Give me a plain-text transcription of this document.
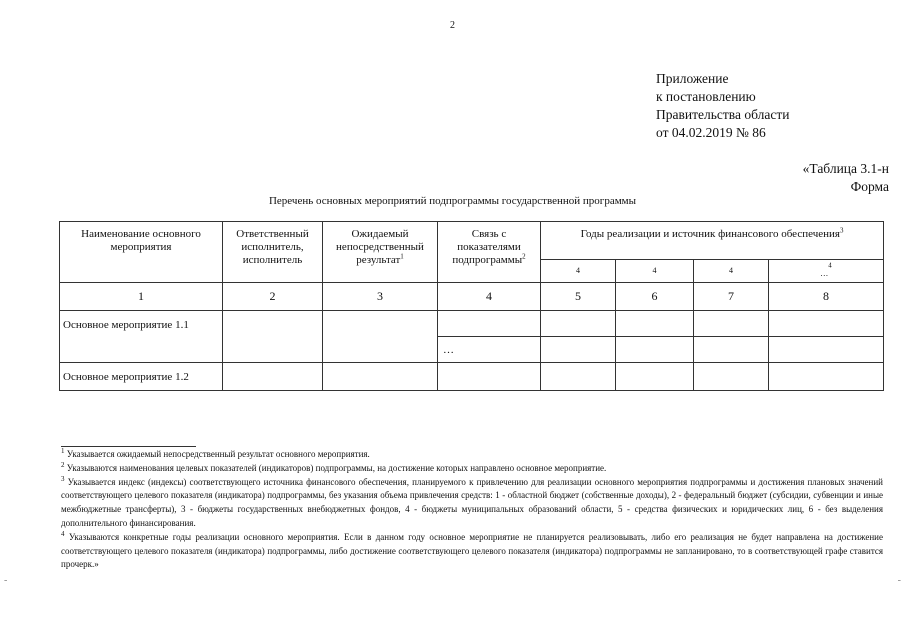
2
Приложение
к постановлению
Правительства области
от 04.02.2019 № 86
«Таблица 3.1-н
Форма
Перечень основных мероприятий подпрограммы государственной программы
Наименование основного мероприятия	Ответственный исполнитель, исполнитель	Ожидаемый непосредственный результат$^1$	Связь с показателями подпрограммы$^2$	Годы реализации и источник финансового обеспечения$^3$
				4	4	4	…$^4$
1	2	3	4	5	6	7	8
Основное мероприятие 1.1							
			…				
Основное мероприятие 1.2							

$^1$ Указывается ожидаемый непосредственный результат основного мероприятия.

$^2$ Указываются наименования целевых показателей (индикаторов) подпрограммы, на достижение которых направлено основное мероприятие.

$^3$ Указывается индекс (индексы) соответствующего источника финансового обеспечения, планируемого к привлечению для реализации основного мероприятия подпрограммы и достижения плановых значений соответствующего целевого показателя (индикатора) подпрограммы, без указания объема привлечения средств: 1 - областной бюджет (собственные доходы), 2 - федеральный бюджет (субсидии, субвенции и иные межбюджетные трансферты), 3 - бюджеты государственных внебюджетных фондов, 4 - бюджеты муниципальных образований области, 5 - средства физических и юридических лиц, 6 - без выделения дополнительного финансирования.

$^4$ Указываются конкретные годы реализации основного мероприятия. Если в данном году основное мероприятие не планируется реализовывать, либо его реализация не будет направлена на достижение соответствующего целевого показателя (индикатора) подпрограммы, либо достижение соответствующего целевого показателя (индикатора) подпрограммы не запланировано, то в соответствующей графе ставится прочерк.»

-	-
